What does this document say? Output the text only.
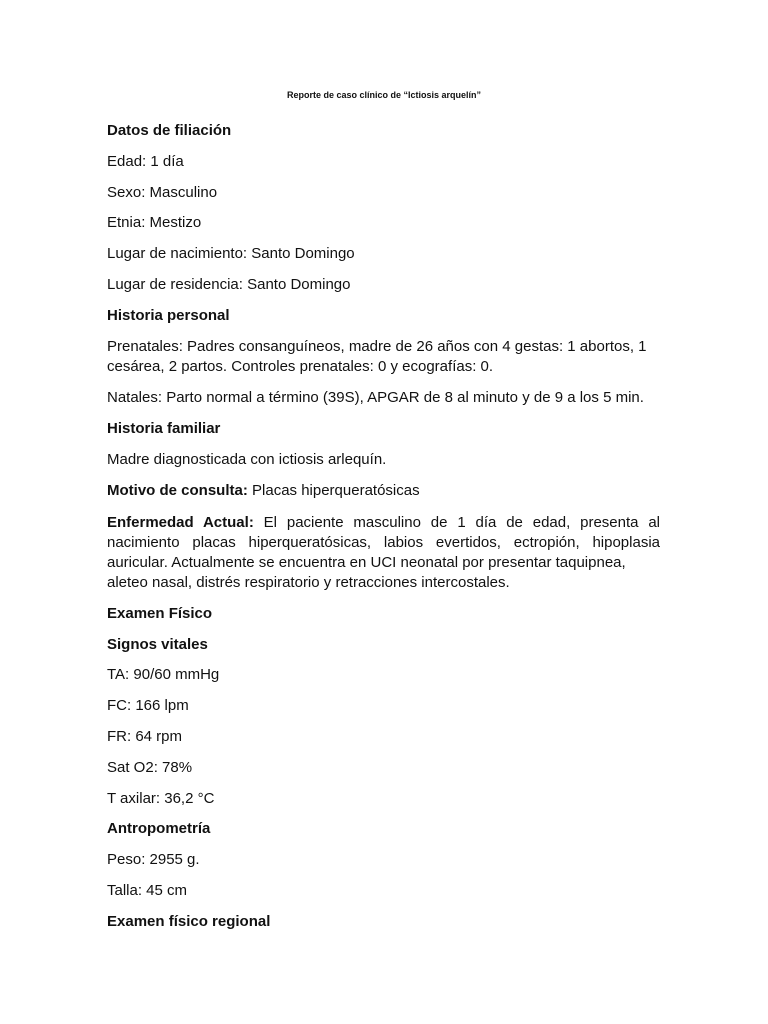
Reporte de caso clínico de “Ictiosis arquelín”
Datos de filiación
Edad: 1 día
Sexo: Masculino
Etnia: Mestizo
Lugar de nacimiento: Santo Domingo
Lugar de residencia: Santo Domingo
Historia personal
Prenatales: Padres consanguíneos, madre de 26 años con 4 gestas: 1 abortos, 1
cesárea, 2 partos. Controles prenatales: 0 y ecografías: 0.
Natales: Parto normal a término (39S), APGAR de 8 al minuto y de 9 a los 5 min.
Historia familiar
Madre diagnosticada con ictiosis arlequín.
Motivo de consulta: Placas hiperqueratósicas
Enfermedad Actual: El paciente masculino de 1 día de edad, presenta al nacimiento placas hiperqueratósicas, labios evertidos, ectropión, hipoplasia auricular. Actualmente se encuentra en UCI neonatal por presentar taquipnea,
aleteo nasal, distrés respiratorio y retracciones intercostales.
Examen Físico
Signos vitales
TA: 90/60 mmHg
FC: 166 lpm
FR: 64 rpm
Sat O2: 78%
T axilar: 36,2 °C
Antropometría
Peso: 2955 g.
Talla: 45 cm
Examen físico regional
